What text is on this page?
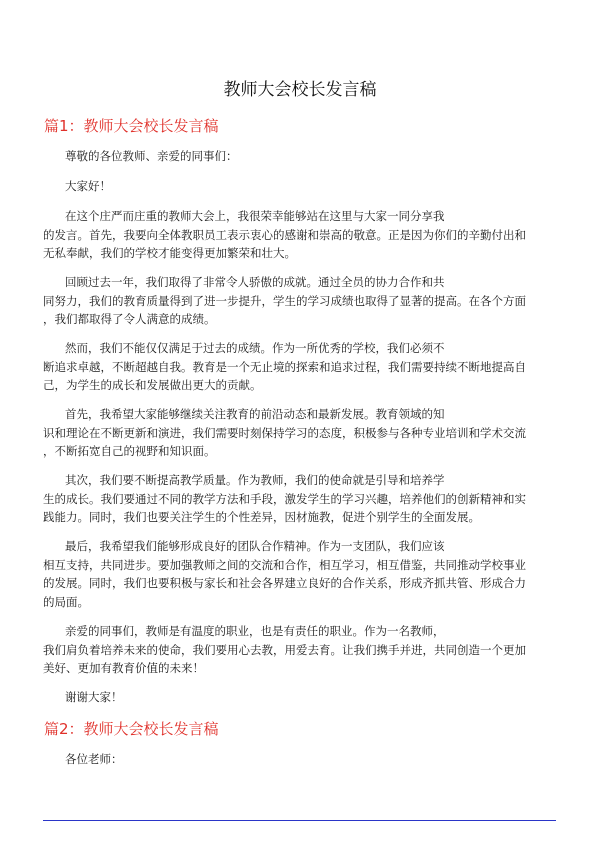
教师大会校长发言稿
篇1：教师大会校长发言稿

尊敬的各位教师、亲爱的同事们：

大家好！

在这个庄严而庄重的教师大会上，我很荣幸能够站在这里与大家一同分享我
的发言。首先，我要向全体教职员工表示衷心的感谢和崇高的敬意。正是因为你们的辛勤付出和
无私奉献，我们的学校才能变得更加繁荣和壮大。

回顾过去一年，我们取得了非常令人骄傲的成就。通过全员的协力合作和共
同努力，我们的教育质量得到了进一步提升，学生的学习成绩也取得了显著的提高。在各个方面
，我们都取得了令人满意的成绩。

然而，我们不能仅仅满足于过去的成绩。作为一所优秀的学校，我们必须不
断追求卓越，不断超越自我。教育是一个无止境的探索和追求过程，我们需要持续不断地提高自
己，为学生的成长和发展做出更大的贡献。

首先，我希望大家能够继续关注教育的前沿动态和最新发展。教育领域的知
识和理论在不断更新和演进，我们需要时刻保持学习的态度，积极参与各种专业培训和学术交流
，不断拓宽自己的视野和知识面。

其次，我们要不断提高教学质量。作为教师，我们的使命就是引导和培养学
生的成长。我们要通过不同的教学方法和手段，激发学生的学习兴趣，培养他们的创新精神和实
践能力。同时，我们也要关注学生的个性差异，因材施教，促进个别学生的全面发展。

最后，我希望我们能够形成良好的团队合作精神。作为一支团队，我们应该
相互支持，共同进步。要加强教师之间的交流和合作，相互学习，相互借鉴，共同推动学校事业
的发展。同时，我们也要积极与家长和社会各界建立良好的合作关系，形成齐抓共管、形成合力
的局面。

亲爱的同事们，教师是有温度的职业，也是有责任的职业。作为一名教师，
我们肩负着培养未来的使命，我们要用心去教，用爱去育。让我们携手并进，共同创造一个更加
美好、更加有教育价值的未来！

谢谢大家！

篇2：教师大会校长发言稿

各位老师：
